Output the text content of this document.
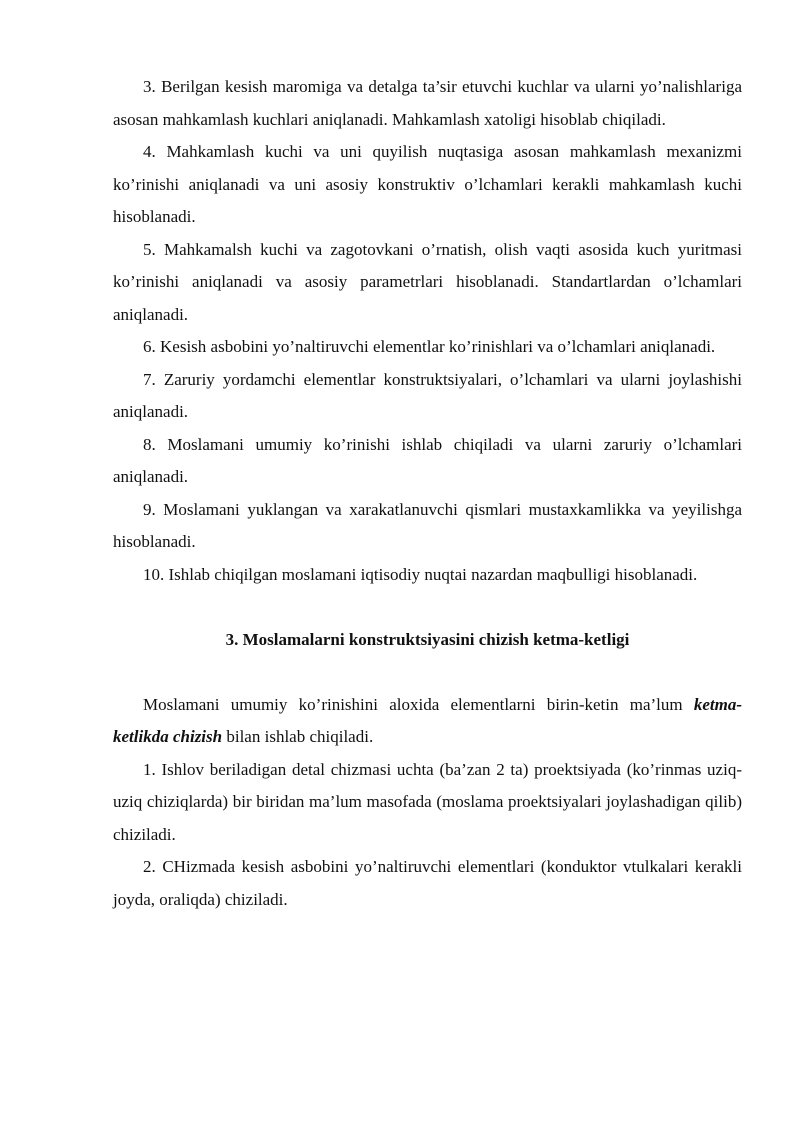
3. Berilgan kesish maromiga va detalga ta’sir etuvchi kuchlar va ularni yo’nalishlariga asosan mahkamlash kuchlari aniqlanadi. Mahkamlash xatoligi hisoblab chiqiladi.

4. Mahkamlash kuchi va uni quyilish nuqtasiga asosan mahkamlash mexanizmi ko’rinishi aniqlanadi va uni asosiy konstruktiv o’lchamlari kerakli mahkamlash kuchi hisoblanadi.

5. Mahkamalsh kuchi va zagotovkani o’rnatish, olish vaqti asosida kuch yuritmasi ko’rinishi aniqlanadi va asosiy parametrlari hisoblanadi. Standartlardan o’lchamlari aniqlanadi.

6. Kesish asbobini yo’naltiruvchi elementlar ko’rinishlari va o’lchamlari aniqlanadi.

7. Zaruriy yordamchi elementlar konstruktsiyalari, o’lchamlari va ularni joylashishi aniqlanadi.

8. Moslamani umumiy ko’rinishi ishlab chiqiladi va ularni zaruriy o’lchamlari aniqlanadi.

9. Moslamani yuklangan va xarakatlanuvchi qismlari mustaxkamlikka va yeyilishga hisoblanadi.

10. Ishlab chiqilgan moslamani iqtisodiy nuqtai nazardan maqbulligi hisoblanadi.

3. Moslamalarni konstruktsiyasini chizish ketma-ketligi

Moslamani umumiy ko’rinishini aloxida elementlarni birin-ketin ma’lum ketma-ketlikda chizish bilan ishlab chiqiladi.

1. Ishlov beriladigan detal chizmasi uchta (ba’zan 2 ta) proektsiyada (ko’rinmas uziq-uziq chiziqlarda) bir biridan ma’lum masofada (moslama proektsiyalari joylashadigan qilib) chiziladi.

2. CHizmada kesish asbobini yo’naltiruvchi elementlari (konduktor vtulkalari kerakli joyda, oraliqda) chiziladi.
